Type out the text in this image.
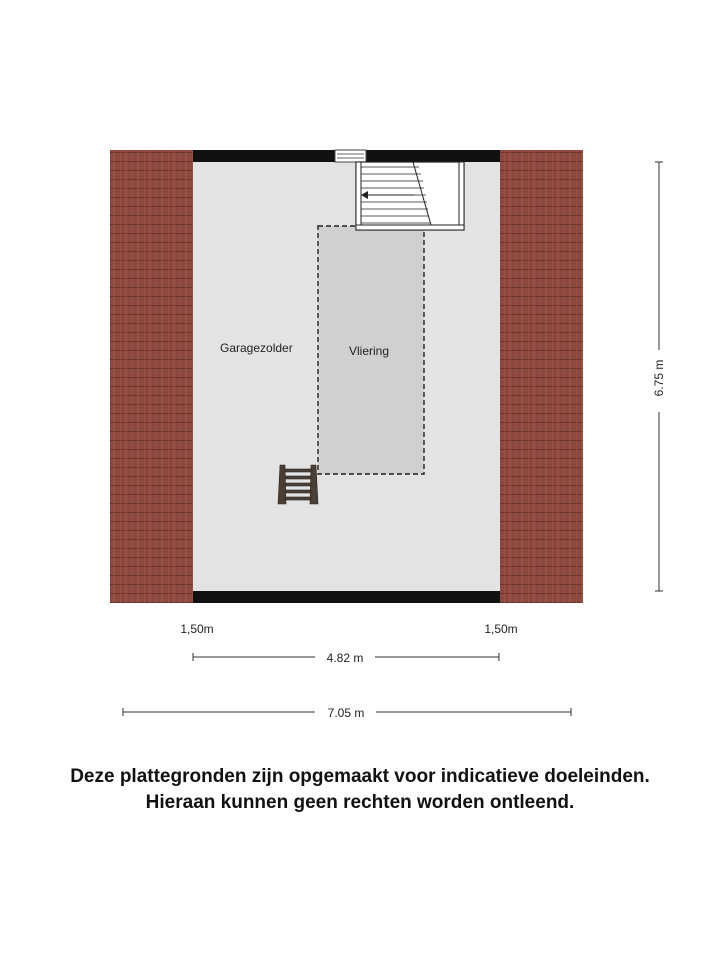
Garagezolder	Vliering
6.75 m
1,50m	1,50m
4.82 m
7.05 m
Deze plattegronden zijn opgemaakt voor indicatieve doeleinden.
Hieraan kunnen geen rechten worden ontleend.
